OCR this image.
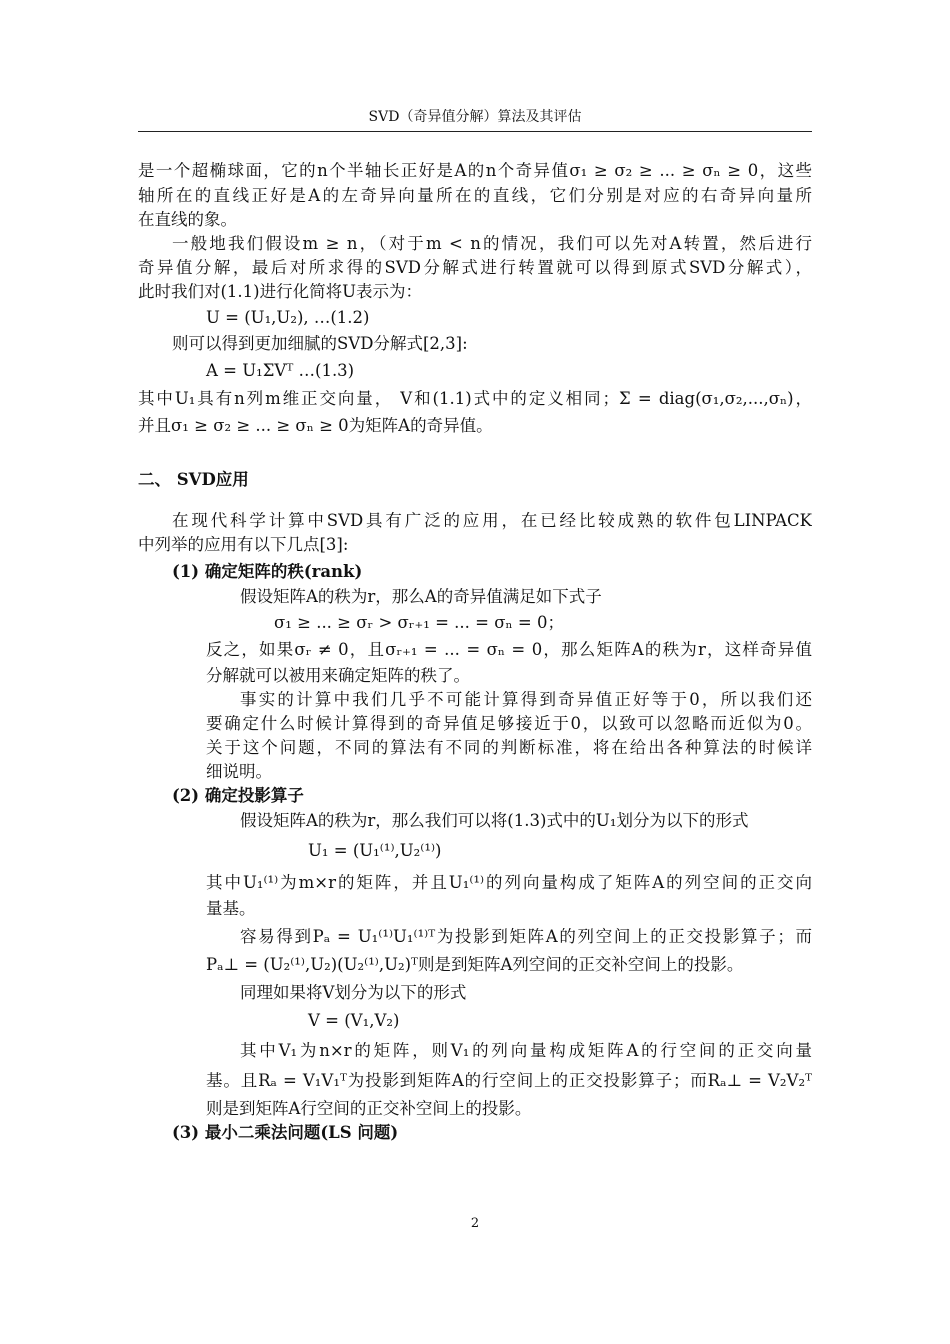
SVD（奇异值分解）算法及其评估
是一个超椭球面，它的n个半轴长正好是A的n个奇异值σ₁ ≥ σ₂ ≥ ... ≥ σₙ ≥ 0，这些
轴所在的直线正好是A的左奇异向量所在的直线，它们分别是对应的右奇异向量所
在直线的象。
一般地我们假设m ≥ n，（对于m < n的情况，我们可以先对A转置，然后进行
奇异值分解，最后对所求得的SVD分解式进行转置就可以得到原式SVD分解式），
此时我们对(1.1)进行化简将U表示为：
U = (U₁,U₂), …(1.2)
则可以得到更加细腻的SVD分解式[2,3]:
A = U₁ΣVᵀ …(1.3)
其中U₁具有n列m维正交向量， V和(1.1)式中的定义相同；Σ = diag(σ₁,σ₂,...,σₙ)，
并且σ₁ ≥ σ₂ ≥ ... ≥ σₙ ≥ 0为矩阵A的奇异值。
二、 SVD应用
在现代科学计算中SVD具有广泛的应用，在已经比较成熟的软件包LINPACK
中列举的应用有以下几点[3]:
(1) 确定矩阵的秩(rank)
假设矩阵A的秩为r，那么A的奇异值满足如下式子
σ₁ ≥ ... ≥ σᵣ > σᵣ₊₁ = ... = σₙ = 0；
反之，如果σᵣ ≠ 0，且σᵣ₊₁ = ... = σₙ = 0，那么矩阵A的秩为r，这样奇异值
分解就可以被用来确定矩阵的秩了。
事实的计算中我们几乎不可能计算得到奇异值正好等于0，所以我们还
要确定什么时候计算得到的奇异值足够接近于0，以致可以忽略而近似为0。
关于这个问题，不同的算法有不同的判断标准，将在给出各种算法的时候详
细说明。
(2) 确定投影算子
假设矩阵A的秩为r，那么我们可以将(1.3)式中的U₁划分为以下的形式
U₁ = (U₁⁽¹⁾,U₂⁽¹⁾)
其中U₁⁽¹⁾为m×r的矩阵，并且U₁⁽¹⁾的列向量构成了矩阵A的列空间的正交向
量基。
容易得到Pₐ = U₁⁽¹⁾U₁⁽¹⁾ᵀ为投影到矩阵A的列空间上的正交投影算子；而
Pₐ⊥ = (U₂⁽¹⁾,U₂)(U₂⁽¹⁾,U₂)ᵀ则是到矩阵A列空间的正交补空间上的投影。
同理如果将V划分为以下的形式
V = (V₁,V₂)
其中V₁为n×r的矩阵，则V₁的列向量构成矩阵A的行空间的正交向量
基。且Rₐ = V₁V₁ᵀ为投影到矩阵A的行空间上的正交投影算子；而Rₐ⊥ = V₂V₂ᵀ
则是到矩阵A行空间的正交补空间上的投影。
(3) 最小二乘法问题(LS 问题)
2
